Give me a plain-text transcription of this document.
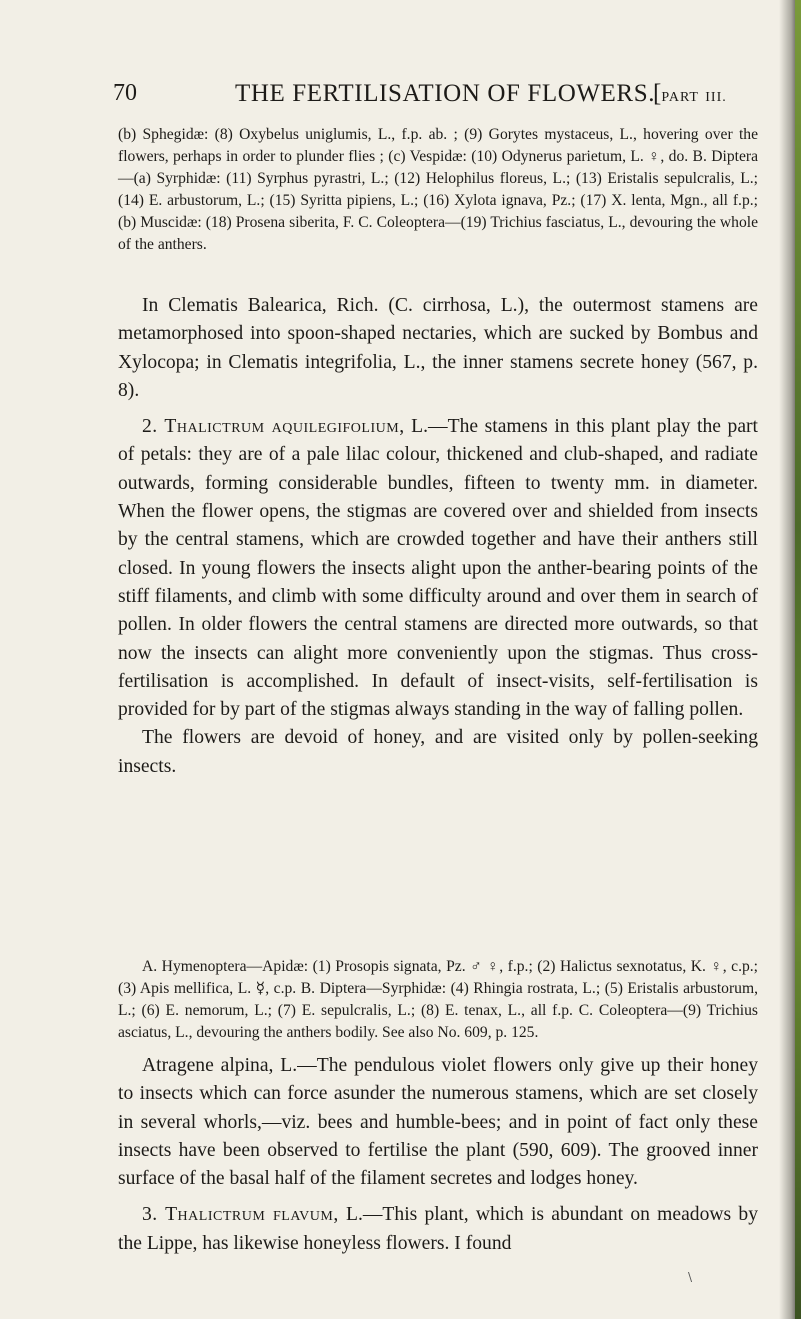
70	THE FERTILISATION OF FLOWERS.
[PART III.

(b) Sphegidæ: (8) Oxybelus uniglumis, L., f.p. ab. ; (9) Gorytes mystaceus, L., hovering over the flowers, perhaps in order to plunder flies ; (c) Vespidæ: (10) Odynerus parietum, L. ♀, do. B. Diptera—(a) Syrphidæ: (11) Syrphus pyrastri, L.; (12) Helophilus floreus, L.; (13) Eristalis sepulcralis, L.; (14) E. arbustorum, L.; (15) Syritta pipiens, L.; (16) Xylota ignava, Pz.; (17) X. lenta, Mgn., all f.p.; (b) Muscidæ: (18) Prosena siberita, F. C. Coleoptera—(19) Trichius fasciatus, L., devouring the whole of the anthers.

In Clematis Balearica, Rich. (C. cirrhosa, L.), the outermost stamens are metamorphosed into spoon-shaped nectaries, which are sucked by Bombus and Xylocopa; in Clematis integrifolia, L., the inner stamens secrete honey (567, p. 8).

2. Thalictrum aquilegifolium, L.—The stamens in this plant play the part of petals: they are of a pale lilac colour, thickened and club-shaped, and radiate outwards, forming considerable bundles, fifteen to twenty mm. in diameter. When the flower opens, the stigmas are covered over and shielded from insects by the central stamens, which are crowded together and have their anthers still closed. In young flowers the insects alight upon the anther-bearing points of the stiff filaments, and climb with some difficulty around and over them in search of pollen. In older flowers the central stamens are directed more outwards, so that now the insects can alight more conveniently upon the stigmas. Thus cross-fertilisation is accomplished. In default of insect-visits, self-fertilisation is provided for by part of the stigmas always standing in the way of falling pollen.

The flowers are devoid of honey, and are visited only by pollen-seeking insects.

A. Hymenoptera—Apidæ: (1) Prosopis signata, Pz. ♂ ♀, f.p.; (2) Halictus sexnotatus, K. ♀, c.p.; (3) Apis mellifica, L. ☿, c.p. B. Diptera—Syrphidæ: (4) Rhingia rostrata, L.; (5) Eristalis arbustorum, L.; (6) E. nemorum, L.; (7) E. sepulcralis, L.; (8) E. tenax, L., all f.p. C. Coleoptera—(9) Trichius asciatus, L., devouring the anthers bodily. See also No. 609, p. 125.

Atragene alpina, L.—The pendulous violet flowers only give up their honey to insects which can force asunder the numerous stamens, which are set closely in several whorls,—viz. bees and humble-bees; and in point of fact only these insects have been observed to fertilise the plant (590, 609). The grooved inner surface of the basal half of the filament secretes and lodges honey.

3. Thalictrum flavum, L.—This plant, which is abundant on meadows by the Lippe, has likewise honeyless flowers. I found

\
